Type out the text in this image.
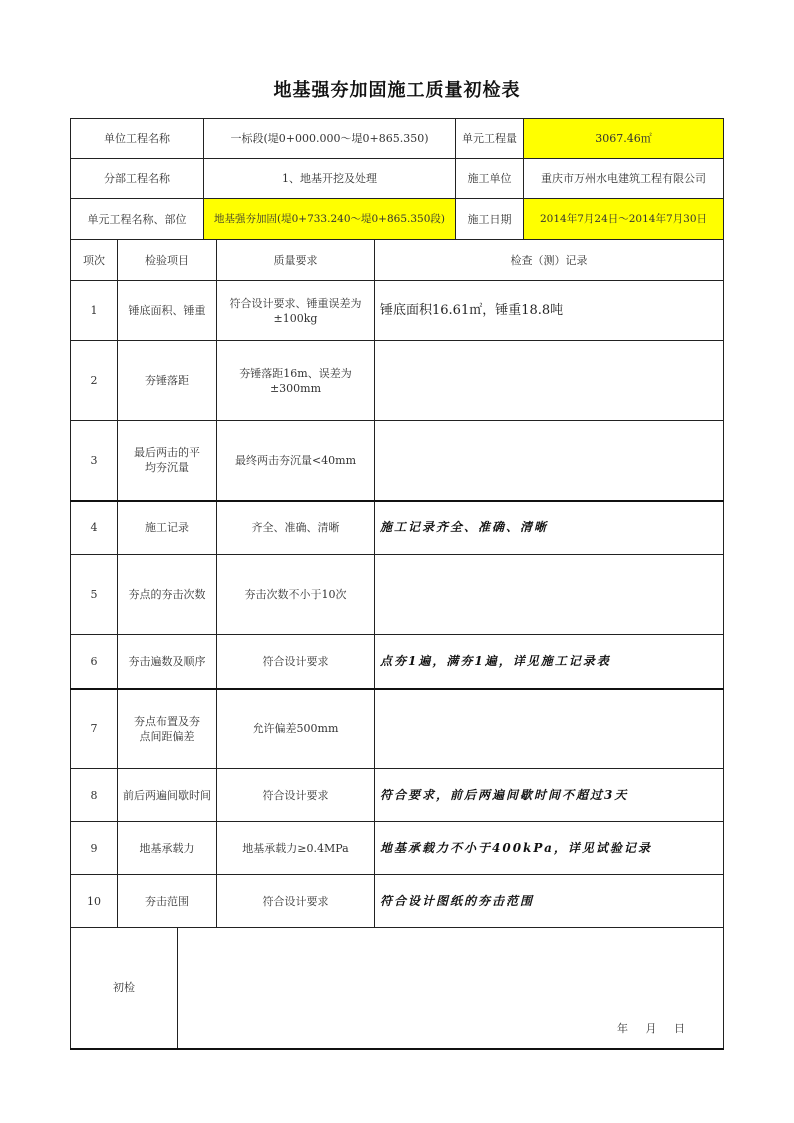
地基强夯加固施工质量初检表
单位工程名称	一标段(堤0+000.000～堤0+865.350)	单元工程量	3067.46㎡
分部工程名称	1、地基开挖及处理	施工单位	重庆市万州水电建筑工程有限公司
单元工程名称、部位	地基强夯加固(堤0+733.240～堤0+865.350段)	施工日期	2014年7月24日～2014年7月30日
项次	检验项目	质量要求	检查（测）记录
1	锤底面积、锤重	符合设计要求、锤重误差为±100kg	锤底面积16.61㎡，锤重18.8吨
2	夯锤落距	夯锤落距16m、误差为±300mm	
3	最后两击的平均夯沉量	最终两击夯沉量<40mm	
4	施工记录	齐全、准确、清晰	施工记录齐全、准确、清晰
5	夯点的夯击次数	夯击次数不小于10次	
6	夯击遍数及顺序	符合设计要求	点夯1遍，满夯1遍，详见施工记录表
7	夯点布置及夯点间距偏差	允许偏差500mm	
8	前后两遍间歇时间	符合设计要求	符合要求，前后两遍间歇时间不超过3天
9	地基承载力	地基承载力≥0.4MPa	地基承载力不小于400kPa，详见试验记录
10	夯击范围	符合设计要求	符合设计图纸的夯击范围
初检	
年 月 日
